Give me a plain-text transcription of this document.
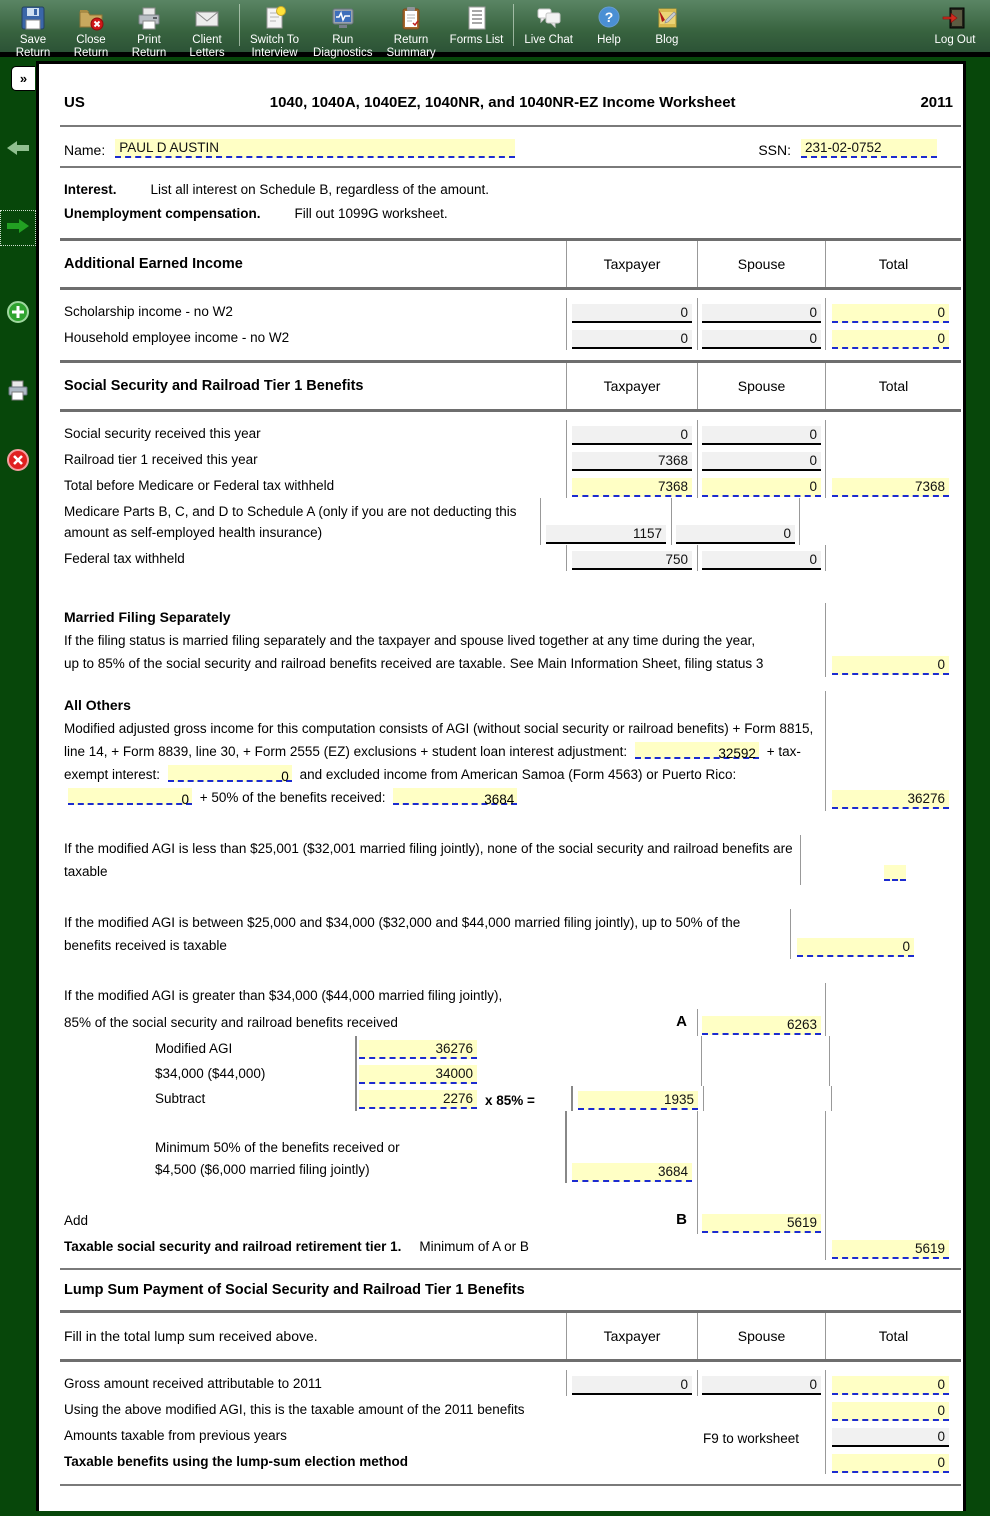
Save
Return
Close
Return
Print
Return
Client
Letters
Switch To
Interview
Run
Diagnostics
Return
Summary
Forms List Live Chat
?
Help	Blog	Log Out
»
US	1040, 1040A, 1040EZ, 1040NR, and 1040NR-EZ Income Worksheet	2011
Name: PAUL D AUSTIN	SSN: 231-02-0752
Interest.	List all interest on Schedule B, regardless of the amount.
Unemployment compensation.	Fill out 1099G worksheet.
Additional Earned Income	Taxpayer	Spouse	Total
Scholarship income - no W2	0	0	0
Household employee income - no W2	0	0	0
Social Security and Railroad Tier 1 Benefits	Taxpayer	Spouse	Total
Social security received this year	0	0
Railroad tier 1 received this year	7368	0
Total before Medicare or Federal tax withheld	7368	0	7368
Medicare Parts B, C, and D to Schedule A (only if you are not deducting this amount as self-employed health insurance)	1157	0
Federal tax withheld	750	0
Married Filing Separately
If the filing status is married filing separately and the taxpayer and spouse lived together at any time during the year, up to 85% of the social security and railroad benefits received are taxable. See Main Information Sheet, filing status 3	0
All Others
Modified adjusted gross income for this computation consists of AGI (without social security or railroad benefits) + Form 8815, line 14, + Form 8839, line 30, + Form 2555 (EZ) exclusions + student loan interest adjustment:	32592 + tax-exempt interest:	0 and excluded income from American Samoa (Form 4563) or Puerto Rico: 0 + 50% of the benefits received:	3684	36276
If the modified AGI is less than $25,001 ($32,001 married filing jointly), none of the social security and railroad benefits are taxable
If the modified AGI is between $25,000 and $34,000 ($32,000 and $44,000 married filing jointly), up to 50% of the benefits received is taxable	0
If the modified AGI is greater than $34,000 ($44,000 married filing jointly),
85% of the social security and railroad benefits received	A	6263
Modified AGI	36276
$34,000 ($44,000)	34000
Subtract	2276 x 85% =	1935
Minimum 50% of the benefits received or
$4,500 ($6,000 married filing jointly)	3684
Add	B	5619
Taxable social security and railroad retirement tier 1.	Minimum of A or B	5619
Lump Sum Payment of Social Security and Railroad Tier 1 Benefits
Fill in the total lump sum received above.	Taxpayer	Spouse	Total
Gross amount received attributable to 2011	0	0	0
Using the above modified AGI, this is the taxable amount of the 2011 benefits	0
Amounts taxable from previous years	F9 to worksheet	0
Taxable benefits using the lump-sum election method	0
